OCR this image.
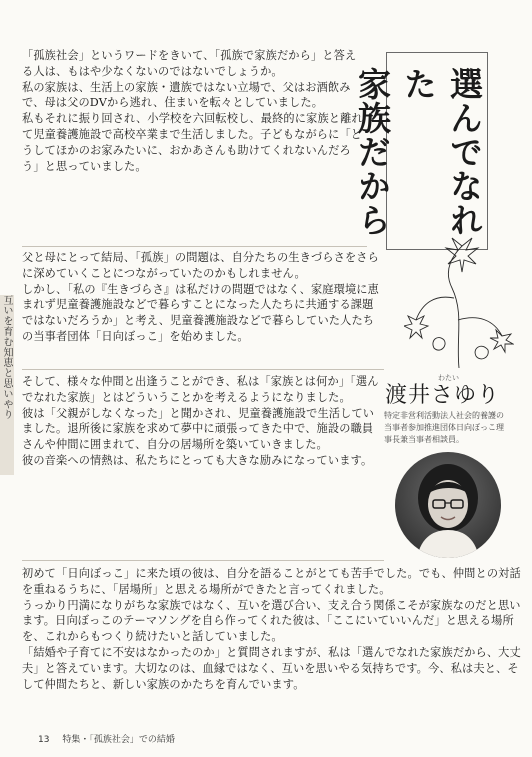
互いを育む知恵と思いやり
「孤族社会」というワードをきいて、「孤族で家族だから」と答える人は、もはや少なくないのではないでしょうか。
私の家族は、生活上の家族・遺族ではない立場で、父はお酒飲みで、母は父のDVから逃れ、住まいを転々としていました。
私もそれに振り回され、小学校を六回転校し、最終的に家族と離れて児童養護施設で高校卒業まで生活しました。子どもながらに「どうしてほかのお家みたいに、おかあさんも助けてくれないんだろう」と思っていました。
父と母にとって結局、「孤族」の問題は、自分たちの生きづらさをさらに深めていくことにつながっていたのかもしれません。
しかし、「私の『生きづらさ』は私だけの問題ではなく、家庭環境に恵まれず児童養護施設などで暮らすことになった人たちに共通する課題ではないだろうか」と考え、児童養護施設などで暮らしていた人たちの当事者団体「日向ぼっこ」を始めました。
そして、様々な仲間と出逢うことができ、私は「家族とは何か」「選んでなれた家族」とはどういうことかを考えるようになりました。
彼は「父親がしなくなった」と聞かされ、児童養護施設で生活していました。退所後に家族を求めて夢中に頑張ってきた中で、施設の職員さんや仲間に囲まれて、自分の居場所を築いていきました。
彼の音楽への情熱は、私たちにとっても大きな励みになっています。
初めて「日向ぼっこ」に来た頃の彼は、自分を語ることがとても苦手でした。でも、仲間との対話を重ねるうちに、「居場所」と思える場所ができたと言ってくれました。
うっかり円満になりがちな家族ではなく、互いを選び合い、支え合う関係こそが家族なのだと思います。日向ぼっこのテーマソングを自ら作ってくれた彼は、「ここにいていいんだ」と思える場所を、これからもつくり続けたいと話していました。
「結婚や子育てに不安はなかったのか」と質問されますが、私は「選んでなれた家族だから、大丈夫」と答えています。大切なのは、血縁ではなく、互いを思いやる気持ちです。今、私は夫と、そして仲間たちと、新しい家族のかたちを育んでいます。
選んでなれた
家族だから
わたい
渡井さゆり
特定非営利活動法人社会的養護の
当事者参加推進団体日向ぼっこ理
事長兼当事者相談員。
13 特集・「孤族社会」での結婚
